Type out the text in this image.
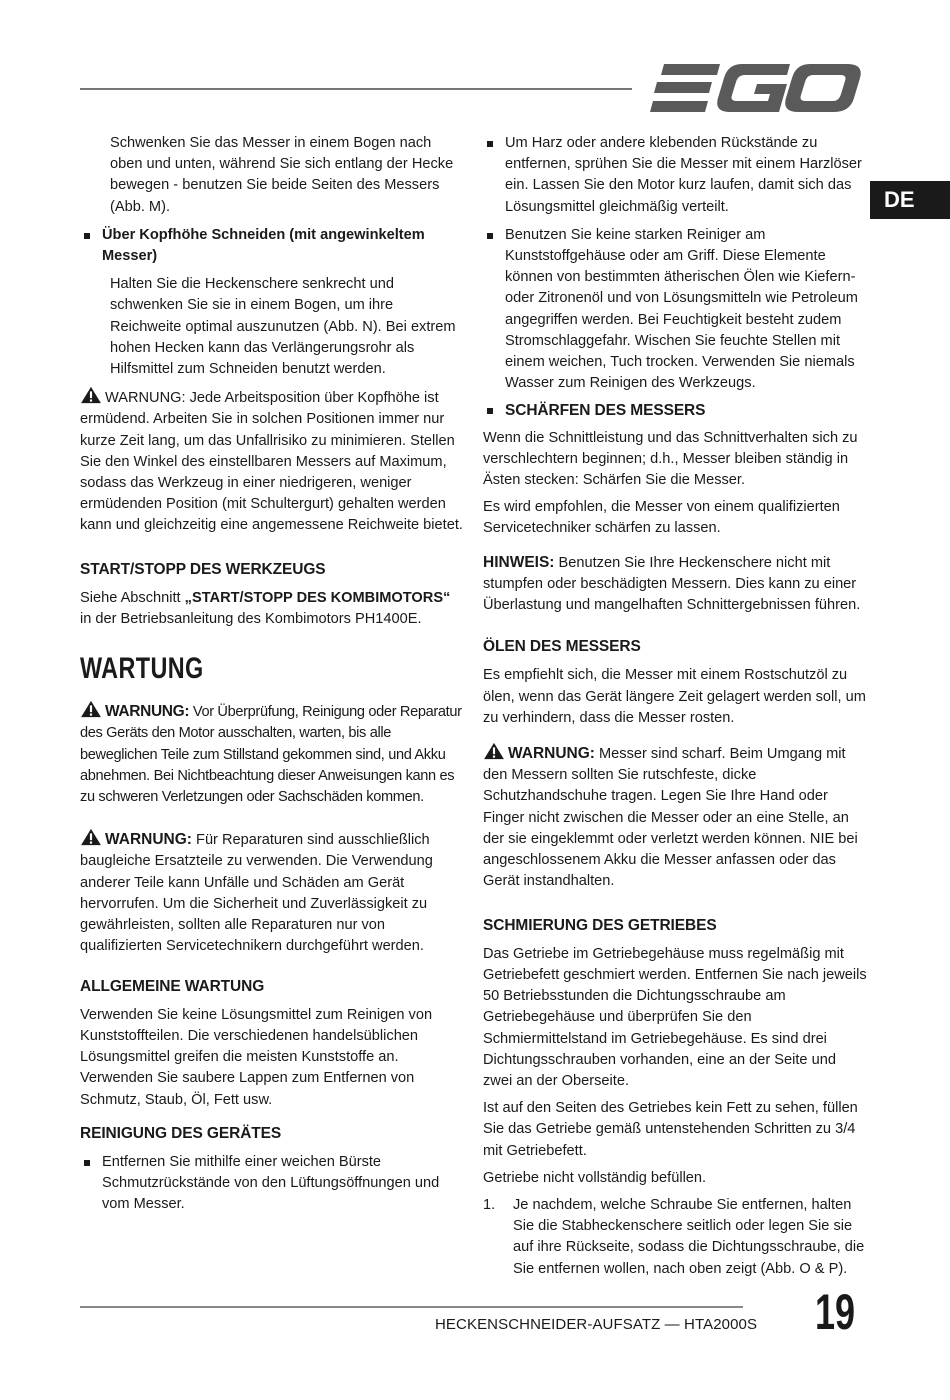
DE

Schwenken Sie das Messer in einem Bogen nach oben und unten, während Sie sich entlang der Hecke bewegen - benutzen Sie beide Seiten des Messers (Abb. M).

Über Kopfhöhe Schneiden (mit angewinkeltem Messer)

Halten Sie die Heckenschere senkrecht und schwenken Sie sie in einem Bogen, um ihre Reichweite optimal auszunutzen (Abb. N). Bei extrem hohen Hecken kann das Verlängerungsrohr als Hilfsmittel zum Schneiden benutzt werden.

WARNUNG: Jede Arbeitsposition über Kopfhöhe ist ermüdend. Arbeiten Sie in solchen Positionen immer nur kurze Zeit lang, um das Unfallrisiko zu minimieren. Stellen Sie den Winkel des einstellbaren Messers auf Maximum, sodass das Werkzeug in einer niedrigeren, weniger ermüdenden Position (mit Schultergurt) gehalten werden kann und gleichzeitig eine angemessene Reichweite bietet.

START/STOPP DES WERKZEUGS

Siehe Abschnitt „START/STOPP DES KOMBIMOTORS“ in der Betriebsanleitung des Kombimotors PH1400E.

WARTUNG

WARNUNG: Vor Überprüfung, Reinigung oder Reparatur des Geräts den Motor ausschalten, warten, bis alle beweglichen Teile zum Stillstand gekommen sind, und Akku abnehmen. Bei Nichtbeachtung dieser Anweisungen kann es zu schweren Verletzungen oder Sachschäden kommen.

WARNUNG: Für Reparaturen sind ausschließlich baugleiche Ersatzteile zu verwenden. Die Verwendung anderer Teile kann Unfälle und Schäden am Gerät hervorrufen. Um die Sicherheit und Zuverlässigkeit zu gewährleisten, sollten alle Reparaturen nur von qualifizierten Servicetechnikern durchgeführt werden.

ALLGEMEINE WARTUNG

Verwenden Sie keine Lösungsmittel zum Reinigen von Kunststoffteilen. Die verschiedenen handelsüblichen Lösungsmittel greifen die meisten Kunststoffe an. Verwenden Sie saubere Lappen zum Entfernen von Schmutz, Staub, Öl, Fett usw.

REINIGUNG DES GERÄTES

Entfernen Sie mithilfe einer weichen Bürste Schmutzrückstände von den Lüftungsöffnungen und vom Messer.

Um Harz oder andere klebenden Rückstände zu entfernen, sprühen Sie die Messer mit einem Harzlöser ein. Lassen Sie den Motor kurz laufen, damit sich das Lösungsmittel gleichmäßig verteilt.

Benutzen Sie keine starken Reiniger am Kunststoffgehäuse oder am Griff. Diese Elemente können von bestimmten ätherischen Ölen wie Kiefern- oder Zitronenöl und von Lösungsmitteln wie Petroleum angegriffen werden. Bei Feuchtigkeit besteht zudem Stromschlaggefahr. Wischen Sie feuchte Stellen mit einem weichen, Tuch trocken. Verwenden Sie niemals Wasser zum Reinigen des Werkzeugs.

SCHÄRFEN DES MESSERS

Wenn die Schnittleistung und das Schnittverhalten sich zu verschlechtern beginnen; d.h., Messer bleiben ständig in Ästen stecken: Schärfen Sie die Messer.

Es wird empfohlen, die Messer von einem qualifizierten Servicetechniker schärfen zu lassen.

HINWEIS: Benutzen Sie Ihre Heckenschere nicht mit stumpfen oder beschädigten Messern. Dies kann zu einer Überlastung und mangelhaften Schnittergebnissen führen.

ÖLEN DES MESSERS

Es empfiehlt sich, die Messer mit einem Rostschutzöl zu ölen, wenn das Gerät längere Zeit gelagert werden soll, um zu verhindern, dass die Messer rosten.

WARNUNG: Messer sind scharf. Beim Umgang mit den Messern sollten Sie rutschfeste, dicke Schutzhandschuhe tragen. Legen Sie Ihre Hand oder Finger nicht zwischen die Messer oder an eine Stelle, an der sie eingeklemmt oder verletzt werden können. NIE bei angeschlossenem Akku die Messer anfassen oder das Gerät instandhalten.

SCHMIERUNG DES GETRIEBES

Das Getriebe im Getriebegehäuse muss regelmäßig mit Getriebefett geschmiert werden. Entfernen Sie nach jeweils 50 Betriebsstunden die Dichtungsschraube am Getriebegehäuse und überprüfen Sie den Schmiermittelstand im Getriebegehäuse. Es sind drei Dichtungsschrauben vorhanden, eine an der Seite und zwei an der Oberseite.

Ist auf den Seiten des Getriebes kein Fett zu sehen, füllen Sie das Getriebe gemäß untenstehenden Schritten zu 3/4 mit Getriebefett.

Getriebe nicht vollständig befüllen.

1. Je nachdem, welche Schraube Sie entfernen, halten Sie die Stabheckenschere seitlich oder legen Sie sie auf ihre Rückseite, sodass die Dichtungsschraube, die Sie entfernen wollen, nach oben zeigt (Abb. O & P).

HECKENSCHNEIDER-AUFSATZ — HTA2000S 19
